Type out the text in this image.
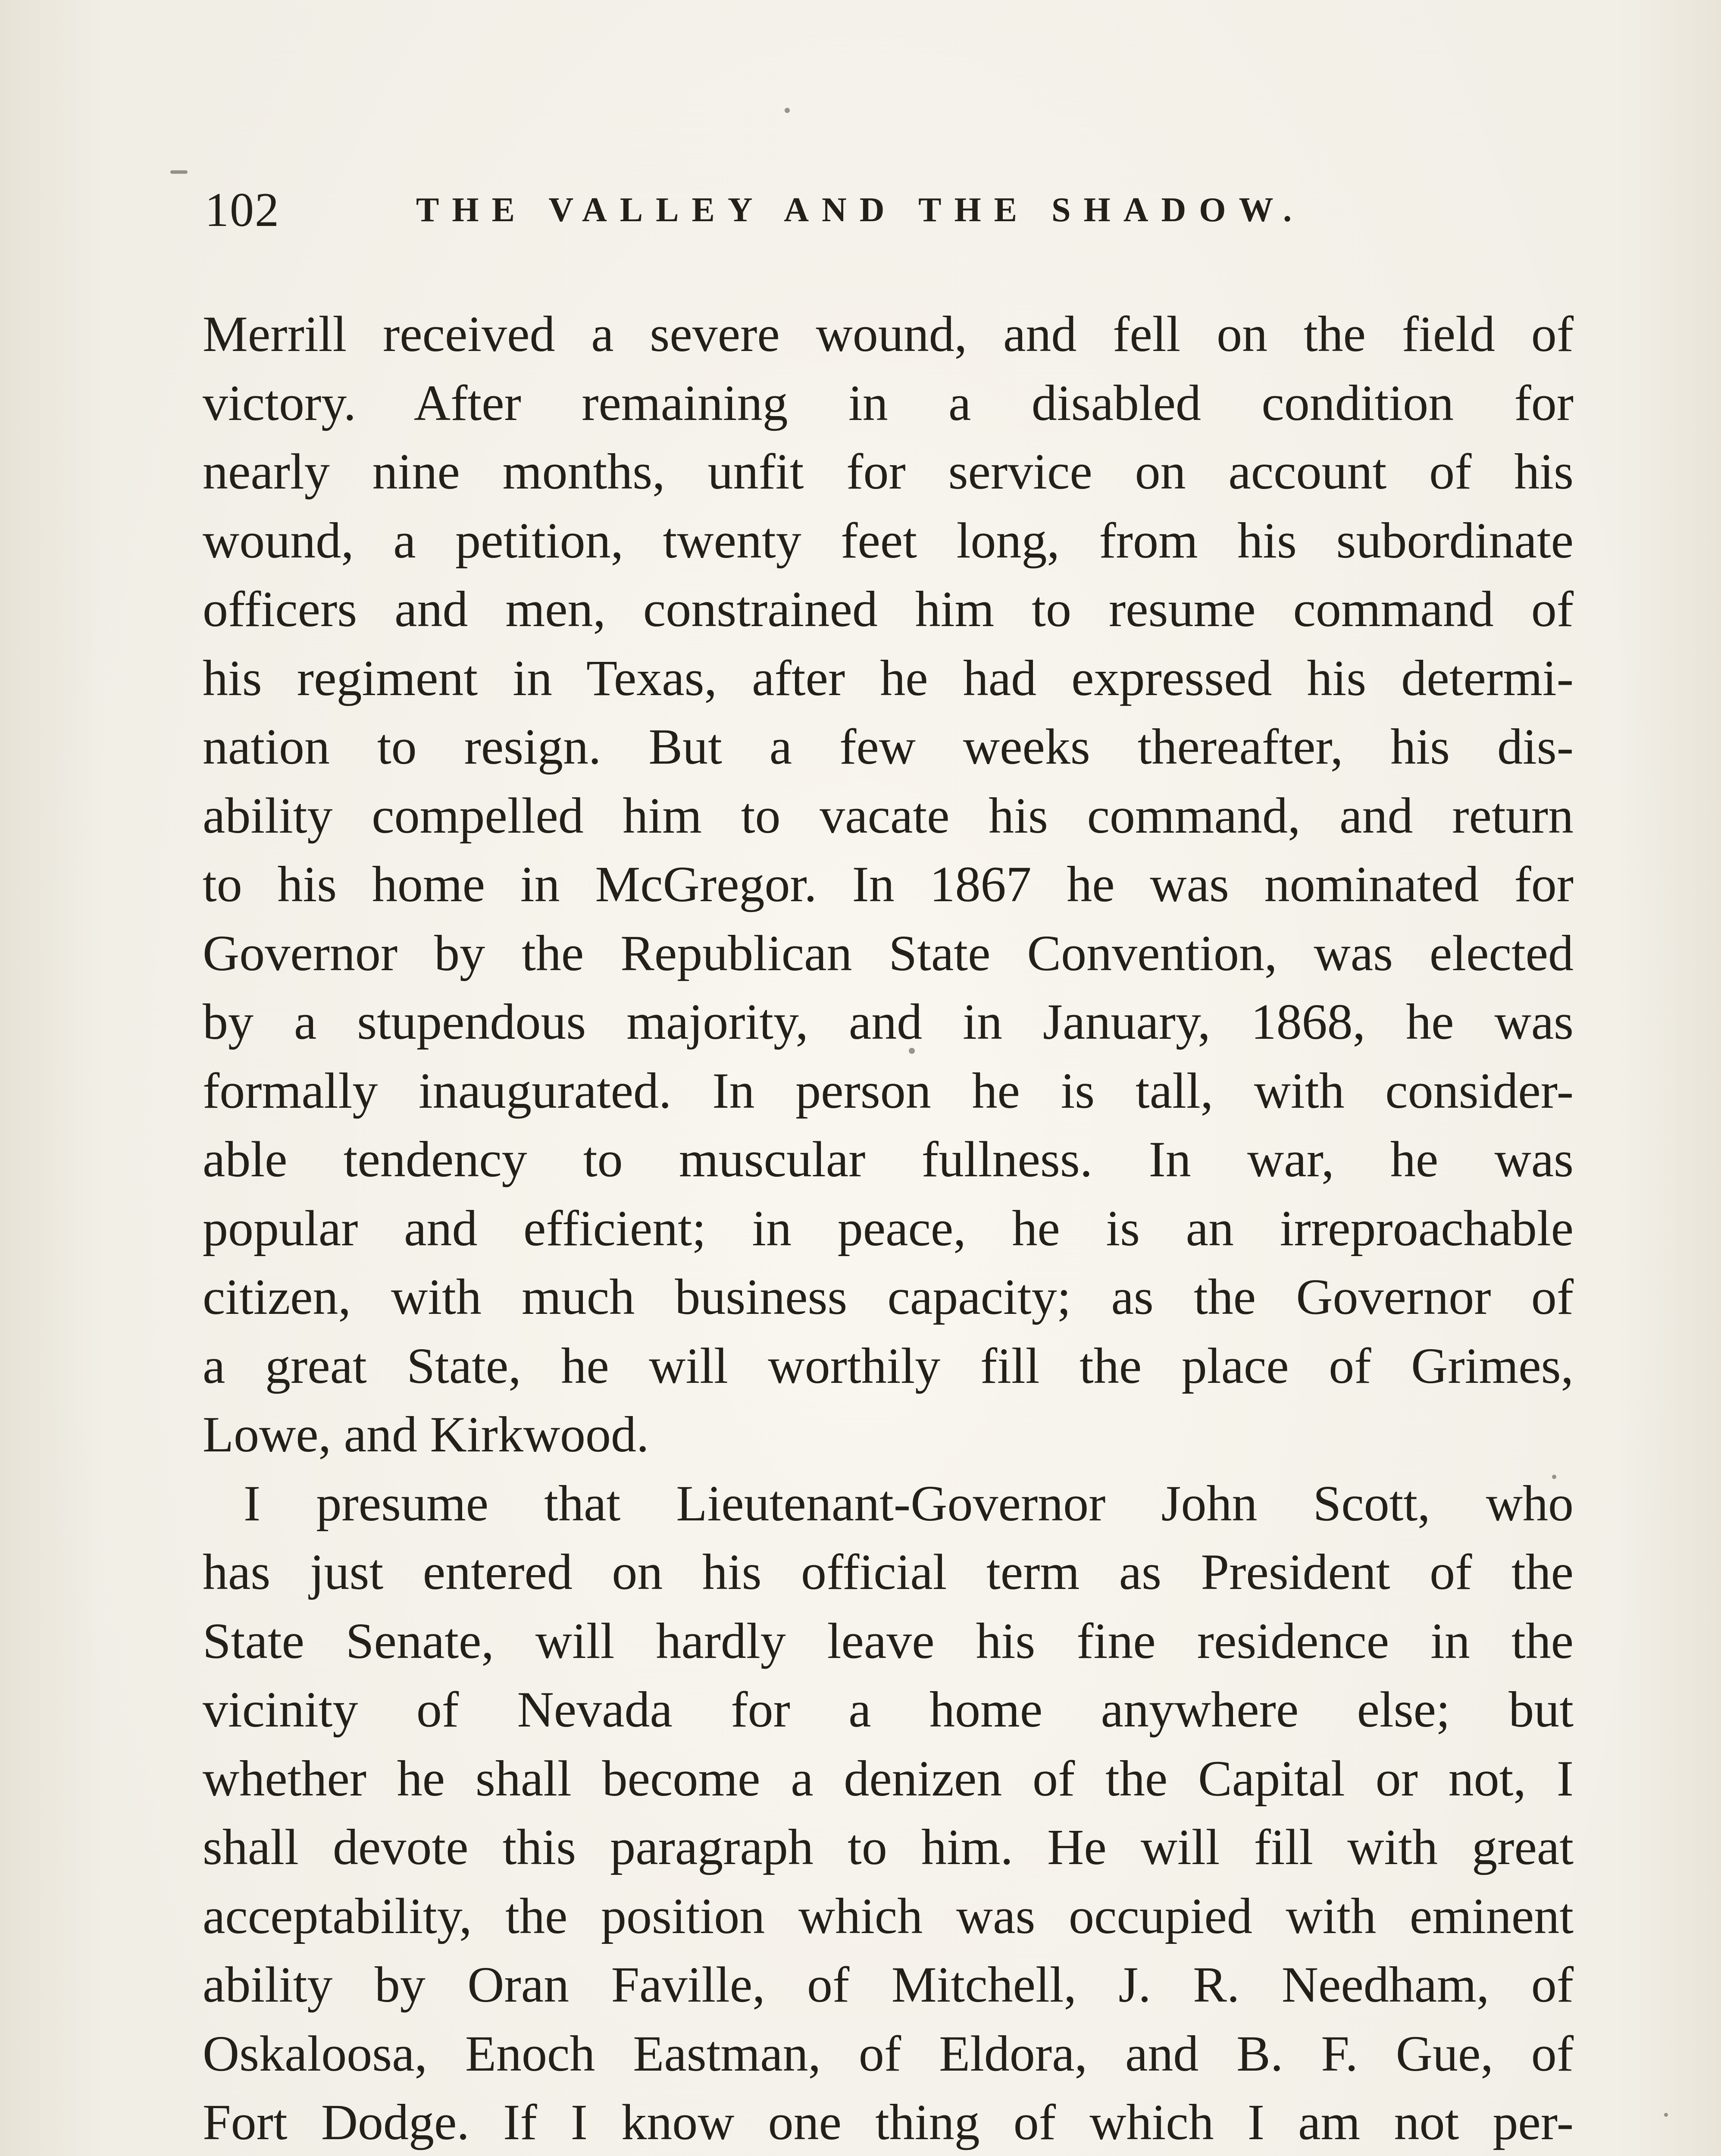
102	THE VALLEY AND THE SHADOW.
Merrill received a severe wound, and fell on the field of
victory. After remaining in a disabled condition for
nearly nine months, unfit for service on account of his
wound, a petition, twenty feet long, from his subordinate
officers and men, constrained him to resume command of
his regiment in Texas, after he had expressed his determi-
nation to resign. But a few weeks thereafter, his dis-
ability compelled him to vacate his command, and return
to his home in McGregor. In 1867 he was nominated for
Governor by the Republican State Convention, was elected
by a stupendous majority, and in January, 1868, he was
formally inaugurated. In person he is tall, with consider-
able tendency to muscular fullness. In war, he was
popular and efficient; in peace, he is an irreproachable
citizen, with much business capacity; as the Governor of
a great State, he will worthily fill the place of Grimes,
Lowe, and Kirkwood.
I presume that Lieutenant-Governor John Scott, who
has just entered on his official term as President of the
State Senate, will hardly leave his fine residence in the
vicinity of Nevada for a home anywhere else; but
whether he shall become a denizen of the Capital or not, I
shall devote this paragraph to him. He will fill with great
acceptability, the position which was occupied with eminent
ability by Oran Faville, of Mitchell, J. R. Needham, of
Oskaloosa, Enoch Eastman, of Eldora, and B. F. Gue, of
Fort Dodge. If I know one thing of which I am not per-
